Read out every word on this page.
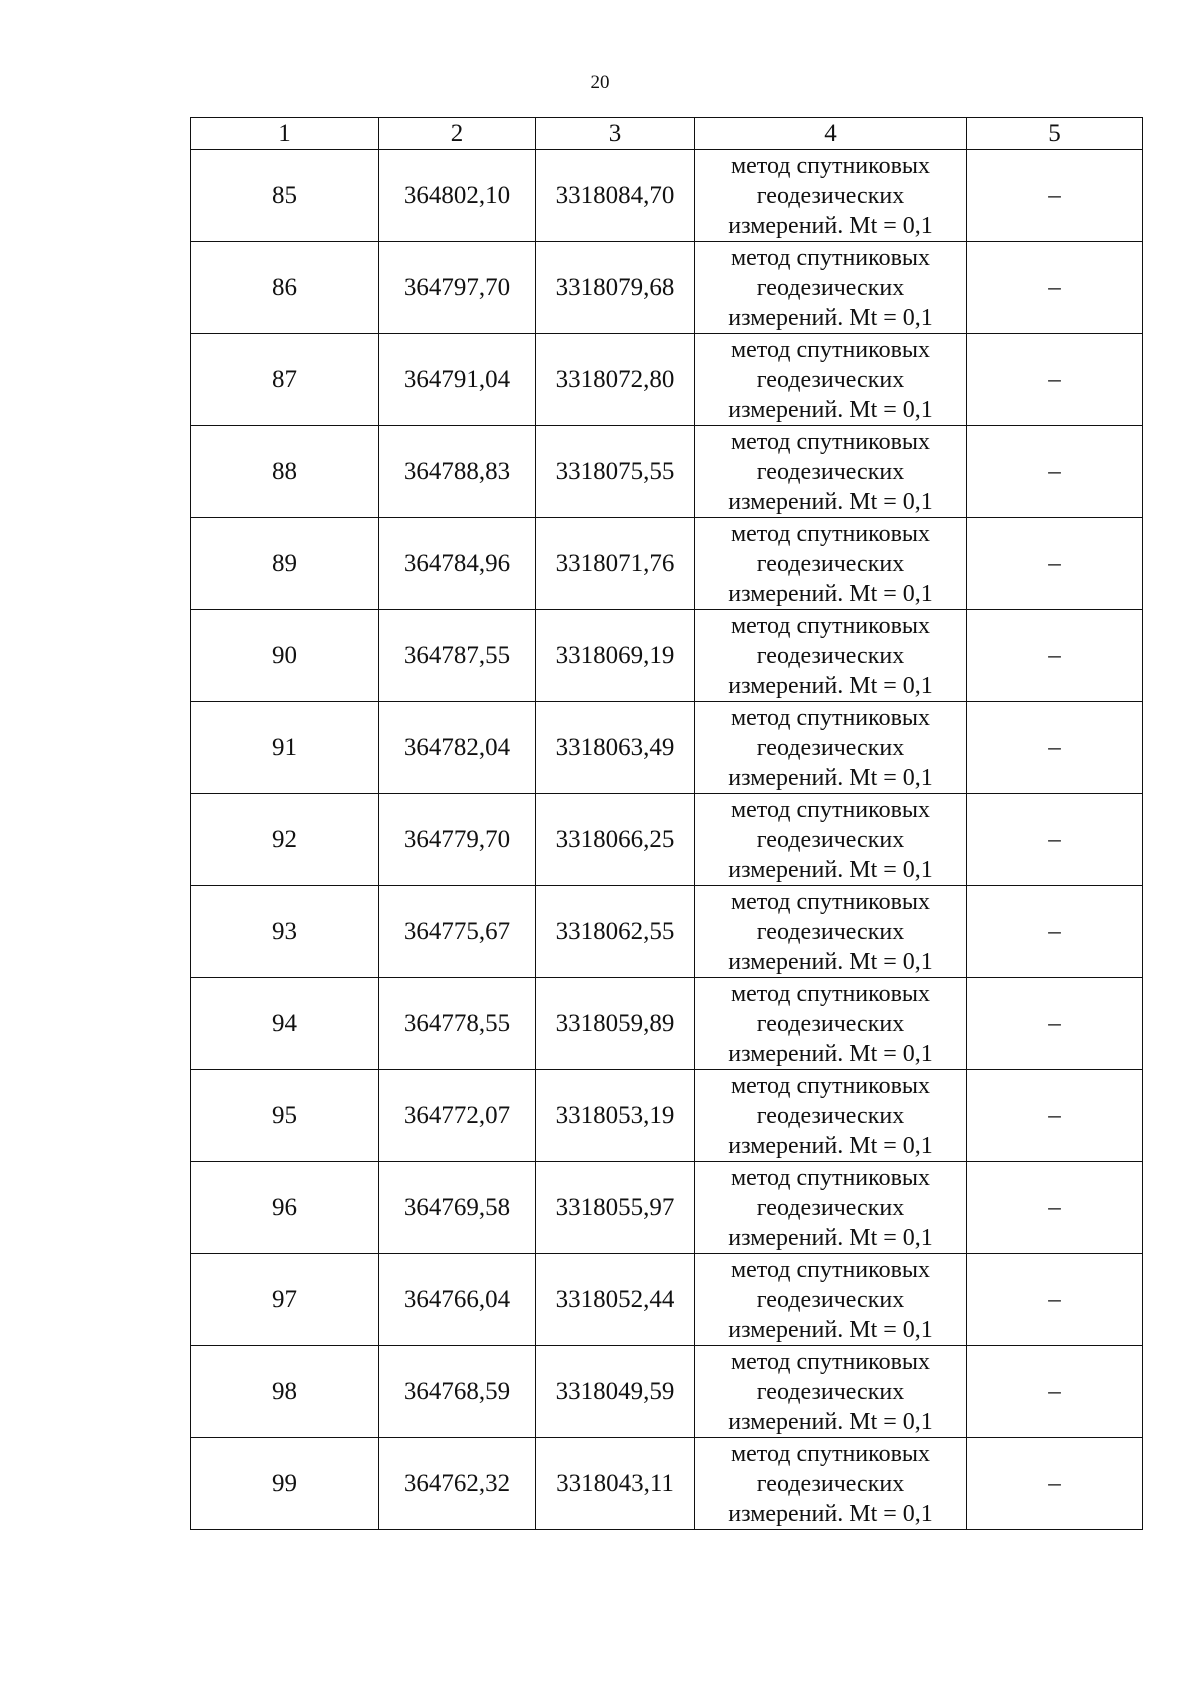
20
1	2	3	4	5
85	364802,10	3318084,70	метод спутниковых
геодезических
измерений. Mt = 0,1	–
86	364797,70	3318079,68	метод спутниковых
геодезических
измерений. Mt = 0,1	–
87	364791,04	3318072,80	метод спутниковых
геодезических
измерений. Mt = 0,1	–
88	364788,83	3318075,55	метод спутниковых
геодезических
измерений. Mt = 0,1	–
89	364784,96	3318071,76	метод спутниковых
геодезических
измерений. Mt = 0,1	–
90	364787,55	3318069,19	метод спутниковых
геодезических
измерений. Mt = 0,1	–
91	364782,04	3318063,49	метод спутниковых
геодезических
измерений. Mt = 0,1	–
92	364779,70	3318066,25	метод спутниковых
геодезических
измерений. Mt = 0,1	–
93	364775,67	3318062,55	метод спутниковых
геодезических
измерений. Mt = 0,1	–
94	364778,55	3318059,89	метод спутниковых
геодезических
измерений. Mt = 0,1	–
95	364772,07	3318053,19	метод спутниковых
геодезических
измерений. Mt = 0,1	–
96	364769,58	3318055,97	метод спутниковых
геодезических
измерений. Mt = 0,1	–
97	364766,04	3318052,44	метод спутниковых
геодезических
измерений. Mt = 0,1	–
98	364768,59	3318049,59	метод спутниковых
геодезических
измерений. Mt = 0,1	–
99	364762,32	3318043,11	метод спутниковых
геодезических
измерений. Mt = 0,1	–
